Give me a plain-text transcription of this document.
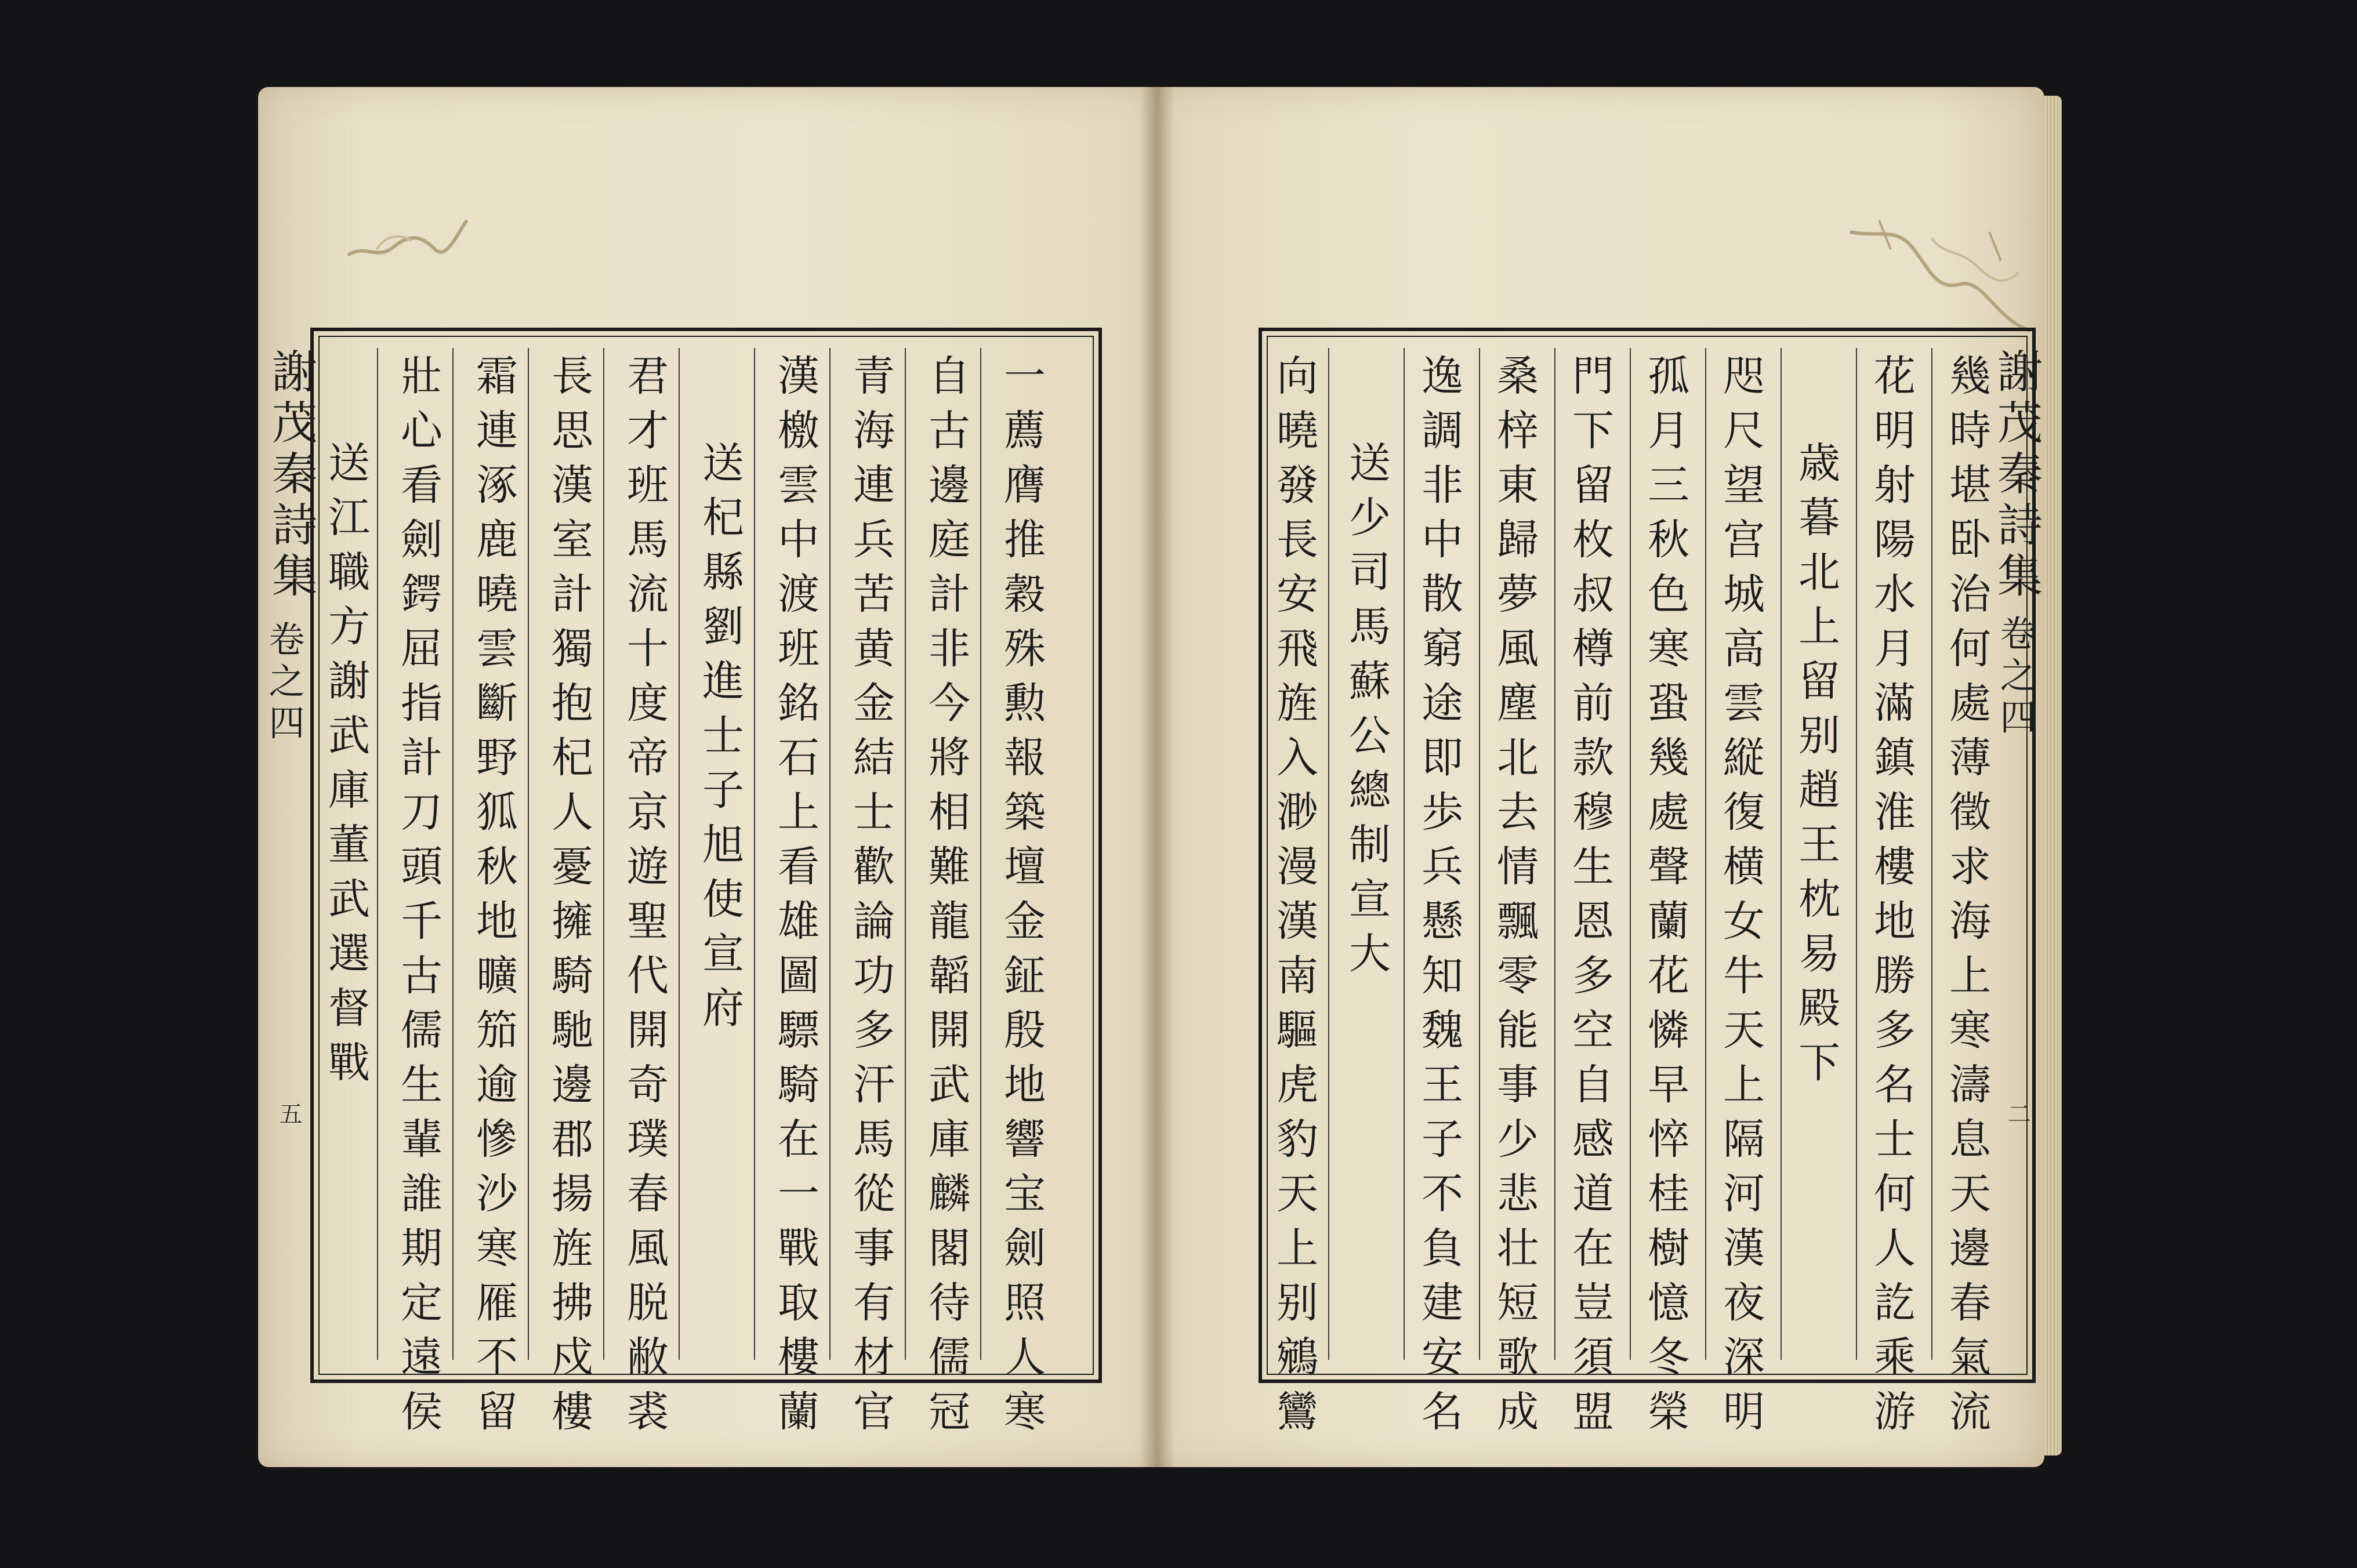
謝茂秦詩集
卷之四
五	一薦膺推穀殊勲報築壇金鉦殷地響宝劍照人寒
自古邊庭計非今將相難龍韜開武庫麟閣待儒冠
青海連兵苦黄金結士歡論功多汗馬從事有材官
漢檄雲中渡班銘石上看雄圖驃騎在一戰取樓蘭
送杞縣劉進士子旭使宣府
君才班馬流十度帝京遊聖代開奇璞春風脱敝裘
長思漢室計獨抱杞人憂擁騎馳邊郡揚旌拂戍樓
霜連涿鹿曉雲斷野狐秋地曠笳逾慘沙寒雁不留
壯心看劍鍔屈指計刀頭千古儒生輩誰期定遠侯
送江職方謝武庫董武選督戰	謝茂秦詩集
卷之四
二
幾時堪卧治何處薄徵求海上寒濤息天邊春氣流
花明射陽水月滿鎮淮樓地勝多名士何人訖乘游
歳暮北上留别趙王枕易殿下
咫尺望宫城高雲縦復横女牛天上隔河漢夜深明
孤月三秋色寒蛩幾處聲蘭花憐早悴桂樹憶冬榮
門下留枚叔樽前款穆生恩多空自感道在豈須盟
桑梓東歸夢風塵北去情飄零能事少悲壮短歌成
逸調非中散窮途即歩兵懸知魏王子不負建安名
送少司馬蘇公總制宣大
向曉發長安飛旌入渺漫漢南驅虎豹天上别鵷鸞
